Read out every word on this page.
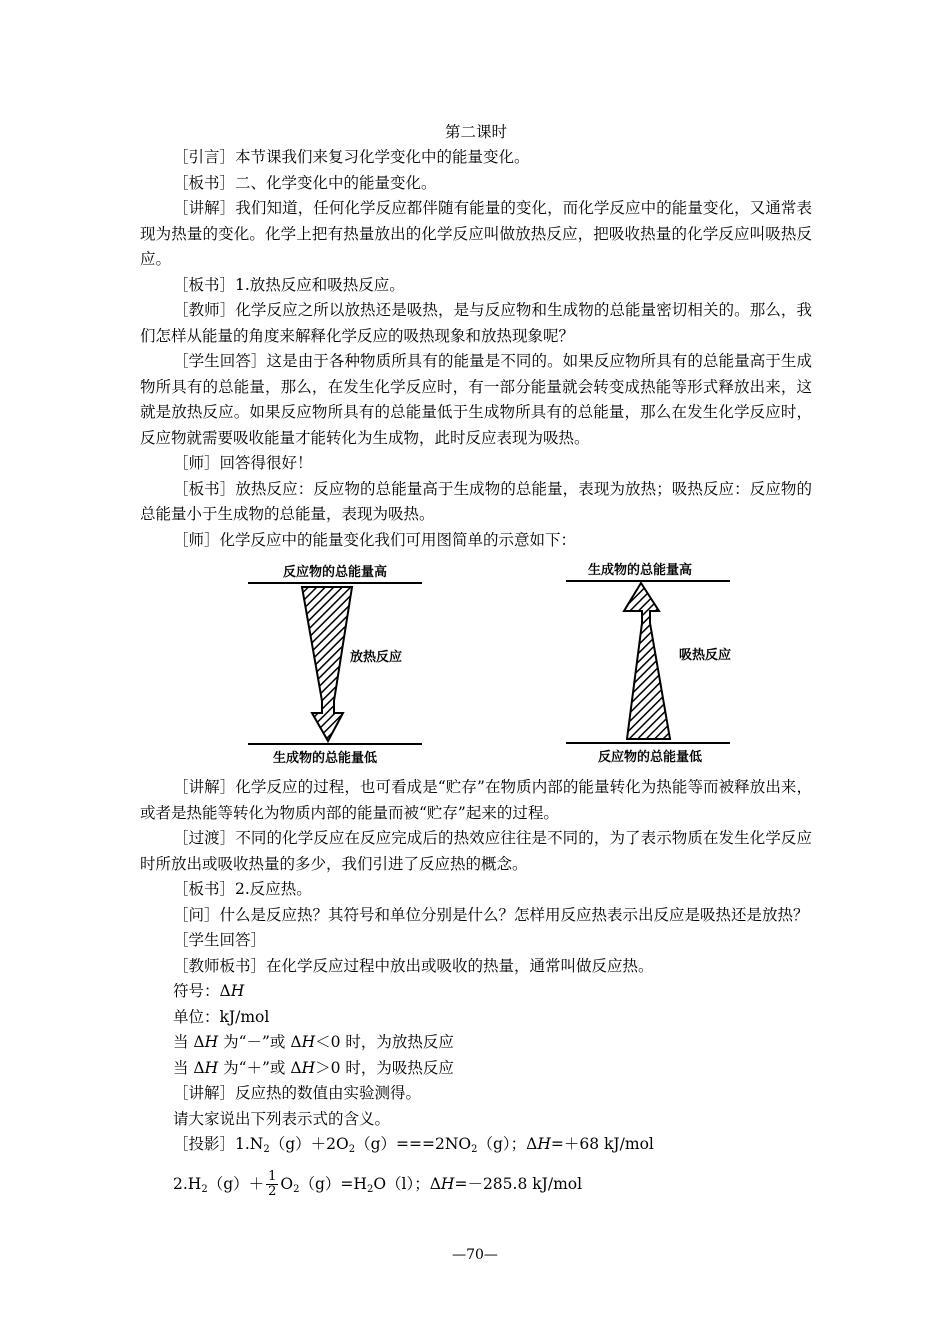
第二课时

［引言］本节课我们来复习化学变化中的能量变化。

［板书］二、化学变化中的能量变化。

［讲解］我们知道，任何化学反应都伴随有能量的变化，而化学反应中的能量变化，又通常表现为热量的变化。化学上把有热量放出的化学反应叫做放热反应，把吸收热量的化学反应叫吸热反应。

［板书］1.放热反应和吸热反应。

［教师］化学反应之所以放热还是吸热，是与反应物和生成物的总能量密切相关的。那么，我们怎样从能量的角度来解释化学反应的吸热现象和放热现象呢？

［学生回答］这是由于各种物质所具有的能量是不同的。如果反应物所具有的总能量高于生成物所具有的总能量，那么，在发生化学反应时，有一部分能量就会转变成热能等形式释放出来，这就是放热反应。如果反应物所具有的总能量低于生成物所具有的总能量，那么在发生化学反应时，反应物就需要吸收能量才能转化为生成物，此时反应表现为吸热。

［师］回答得很好！

［板书］放热反应：反应物的总能量高于生成物的总能量，表现为放热；吸热反应：反应物的总能量小于生成物的总能量，表现为吸热。

［师］化学反应中的能量变化我们可用图简单的示意如下：

反应物的总能量高
放热反应
生成物的总能量低
生成物的总能量高
吸热反应
反应物的总能量低

［讲解］化学反应的过程，也可看成是“贮存”在物质内部的能量转化为热能等而被释放出来，或者是热能等转化为物质内部的能量而被“贮存”起来的过程。

［过渡］不同的化学反应在反应完成后的热效应往往是不同的，为了表示物质在发生化学反应时所放出或吸收热量的多少，我们引进了反应热的概念。

［板书］2.反应热。

［问］什么是反应热？其符号和单位分别是什么？怎样用反应热表示出反应是吸热还是放热？

［学生回答］

［教师板书］在化学反应过程中放出或吸收的热量，通常叫做反应热。

符号：ΔH

单位：kJ/mol

当 ΔH 为“－”或 ΔH＜0 时，为放热反应

当 ΔH 为“＋”或 ΔH＞0 时，为吸热反应

［讲解］反应热的数值由实验测得。

请大家说出下列表示式的含义。

［投影$]1.N_2(g)+2O_2(g)===2NO_2(g)$；ΔH=＋68 kJ/mol
$2.H_2(g)+ \frac{1}{2} O_2(g)=H_2O(l)$；ΔH=－285.8 kJ/mol
—70—
